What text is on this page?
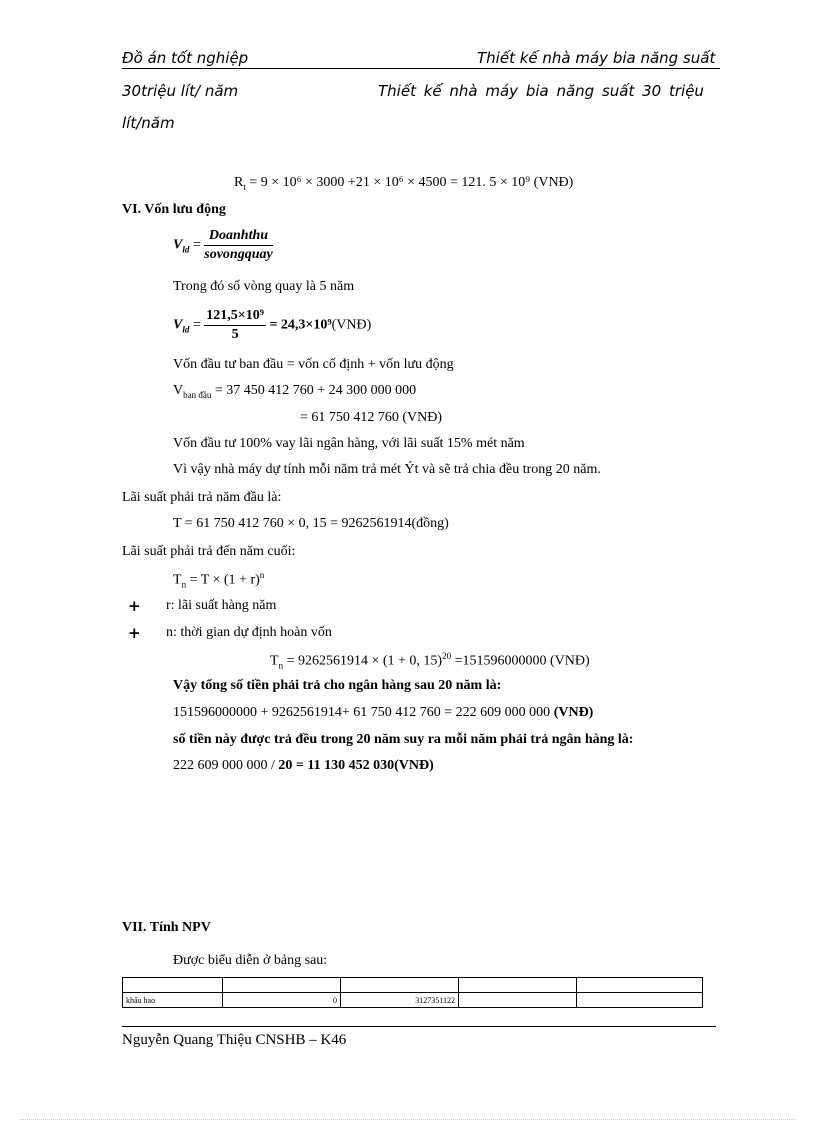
Đồ án tốt nghiệp	Thiết kế nhà máy bia năng suất
30triệu lít/ năm	Thiết kế nhà máy bia năng suất 30 triệu
lít/năm
$R_t = 9 \times 10^6 \times 3000 +21 \times 10^6 \times 4500 = 121$. 5 × 10⁹ (VNĐ)
VI. Vốn lưu động
$V_{ld} = \frac{\text{Doanhthu}}{\text{sovongquay}}$
Trong đó số vòng quay là 5 năm
$V_{ld} = \frac{\text{121,5×10⁹}}{5}$ = 24,3×10⁹(VNĐ)
Vốn đầu tư ban đầu = vốn cố định + vốn lưu động
$V_{ban đầu} = 37$ 450 412 760 + 24 300 000 000
= 61 750 412 760 (VNĐ)
Vốn đầu tư 100% vay lãi ngân hàng, với lãi suất 15% mét năm
Vì vậy nhà máy dự tính mỗi năm trả mét Ýt và sẽ trả chia đều trong 20 năm.
Lãi suất phải trả năm đầu là:
T = 61 750 412 760 × 0, 15 = 9262561914(đồng)
Lãi suất phải trả đến năm cuối:
$T_n = T \times (1 + r)^n$
+ r: lãi suất hàng năm
+ n: thời gian dự định hoàn vốn
$T_n = 9262561914 \times (1 + 0$, 15)$^{20}$ =151596000000 (VNĐ)
Vậy tổng số tiền phải trả cho ngân hàng sau 20 năm là:
151596000000 + 9262561914+ 61 750 412 760 = 222 609 000 000 (VNĐ)
số tiền này được trả đều trong 20 năm suy ra mỗi năm phải trả ngân hàng là:
222 609 000 000 / 20 = 11 130 452 030(VNĐ)
VII. Tính NPV
Được biểu diễn ở bảng sau:

khấu hao	0	3127351122		
Nguyễn Quang Thiệu CNSHB – K46
